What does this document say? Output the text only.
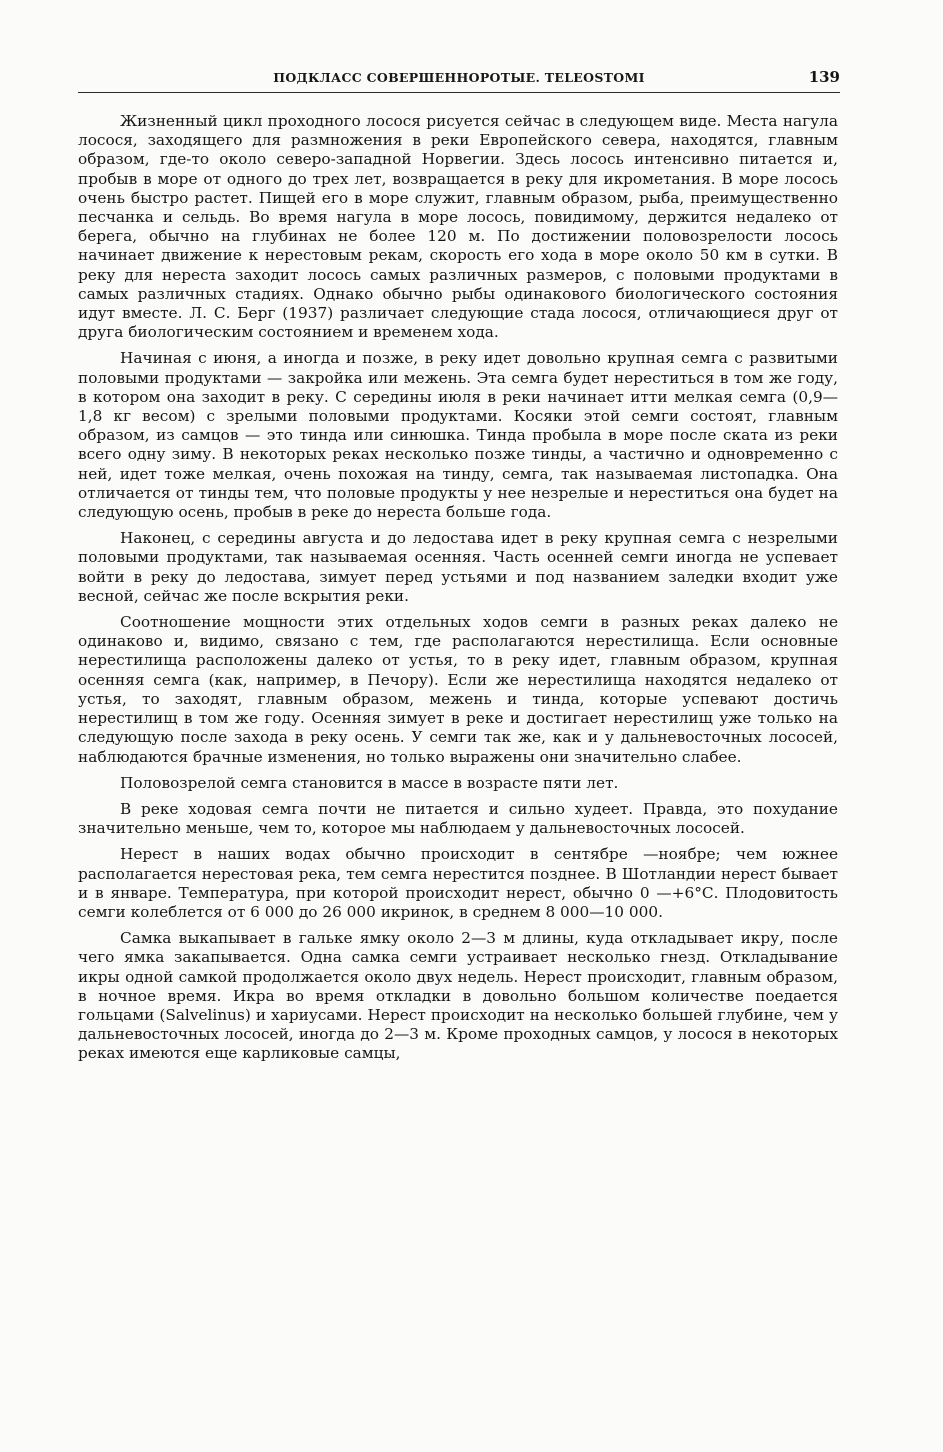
ПОДКЛАСС СОВЕРШЕННОРОТЫЕ. TELEOSTOMI	139

Жизненный цикл проходного лосося рисуется сейчас в следующем виде. Места нагула лосося, заходящего для размножения в реки Европейского севера, находятся, главным образом, где-то около северо-западной Норвегии. Здесь лосось интенсивно питается и, пробыв в море от одного до трех лет, возвращается в реку для икрометания. В море лосось очень быстро растет. Пищей его в море служит, главным образом, рыба, преимущественно песчанка и сельдь. Во время нагула в море лосось, повидимому, держится недалеко от берега, обычно на глубинах не более 120 м. По достижении половозрелости лосось начинает движение к нерестовым рекам, скорость его хода в море около 50 км в сутки. В реку для нереста заходит лосось самых различных размеров, с половыми продуктами в самых различных стадиях. Однако обычно рыбы одинакового биологического состояния идут вместе. Л. С. Берг (1937) различает следующие стада лосося, отличающиеся друг от друга биологическим состоянием и временем хода.

Начиная с июня, а иногда и позже, в реку идет довольно крупная семга с развитыми половыми продуктами — закройка или межень. Эта семга будет нереститься в том же году, в котором она заходит в реку. С середины июля в реки начинает итти мелкая семга (0,9—1,8 кг весом) с зрелыми половыми продуктами. Косяки этой семги состоят, главным образом, из самцов — это тинда или синюшка. Тинда пробыла в море после ската из реки всего одну зиму. В некоторых реках несколько позже тинды, а частично и одновременно с ней, идет тоже мелкая, очень похожая на тинду, семга, так называемая листопадка. Она отличается от тинды тем, что половые продукты у нее незрелые и нереститься она будет на следующую осень, пробыв в реке до нереста больше года.

Наконец, с середины августа и до ледостава идет в реку крупная семга с незрелыми половыми продуктами, так называемая осенняя. Часть осенней семги иногда не успевает войти в реку до ледостава, зимует перед устьями и под названием заледки входит уже весной, сейчас же после вскрытия реки.

Соотношение мощности этих отдельных ходов семги в разных реках далеко не одинаково и, видимо, связано с тем, где располагаются нерестилища. Если основные нерестилища расположены далеко от устья, то в реку идет, главным образом, крупная осенняя семга (как, например, в Печору). Если же нерестилища находятся недалеко от устья, то заходят, главным образом, межень и тинда, которые успевают достичь нерестилищ в том же году. Осенняя зимует в реке и достигает нерестилищ уже только на следующую после захода в реку осень. У семги так же, как и у дальневосточных лососей, наблюдаются брачные изменения, но только выражены они значительно слабее.

Половозрелой семга становится в массе в возрасте пяти лет.

В реке ходовая семга почти не питается и сильно худеет. Правда, это похудание значительно меньше, чем то, которое мы наблюдаем у дальневосточных лососей.

Нерест в наших водах обычно происходит в сентябре —ноябре; чем южнее располагается нерестовая река, тем семга нерестится позднее. В Шотландии нерест бывает и в январе. Температура, при которой происходит нерест, обычно 0 —+6°С. Плодовитость семги колеблется от 6 000 до 26 000 икринок, в среднем 8 000—10 000.

Самка выкапывает в гальке ямку около 2—3 м длины, куда откладывает икру, после чего ямка закапывается. Одна самка семги устраивает несколько гнезд. Откладывание икры одной самкой продолжается около двух недель. Нерест происходит, главным образом, в ночное время. Икра во время откладки в довольно большом количестве поедается гольцами (Salvelinus) и хариусами. Нерест происходит на несколько большей глубине, чем у дальневосточных лососей, иногда до 2—3 м. Кроме проходных самцов, у лосося в некоторых реках имеются еще карликовые самцы,
